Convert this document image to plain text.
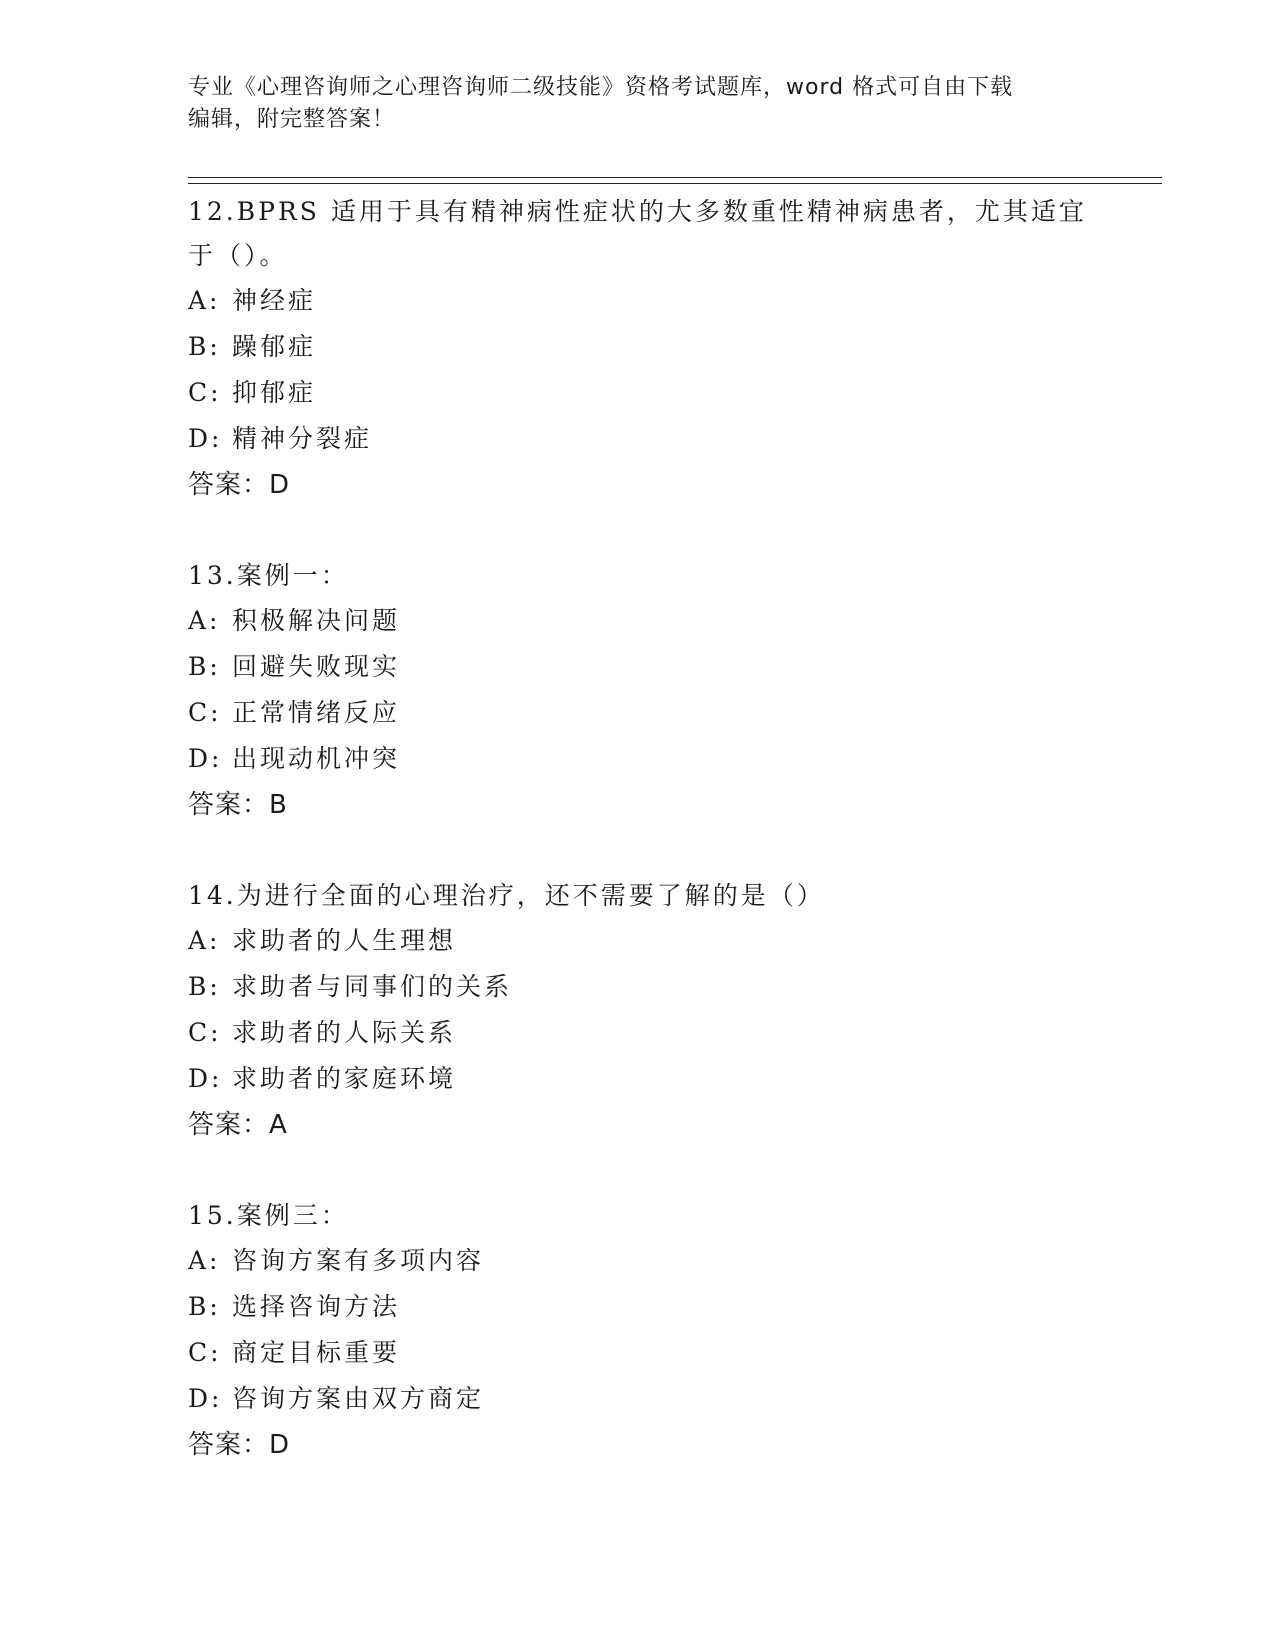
专业《心理咨询师之心理咨询师二级技能》资格考试题库，word 格式可自由下载
编辑，附完整答案！
12.BPRS 适用于具有精神病性症状的大多数重性精神病患者，尤其适宜于（）。
A: 神经症
B: 躁郁症
C: 抑郁症
D: 精神分裂症
答案：D
13.案例一：
A: 积极解决问题
B: 回避失败现实
C: 正常情绪反应
D: 出现动机冲突
答案：B
14.为进行全面的心理治疗，还不需要了解的是（）
A: 求助者的人生理想
B: 求助者与同事们的关系
C: 求助者的人际关系
D: 求助者的家庭环境
答案：A
15.案例三：
A: 咨询方案有多项内容
B: 选择咨询方法
C: 商定目标重要
D: 咨询方案由双方商定
答案：D
